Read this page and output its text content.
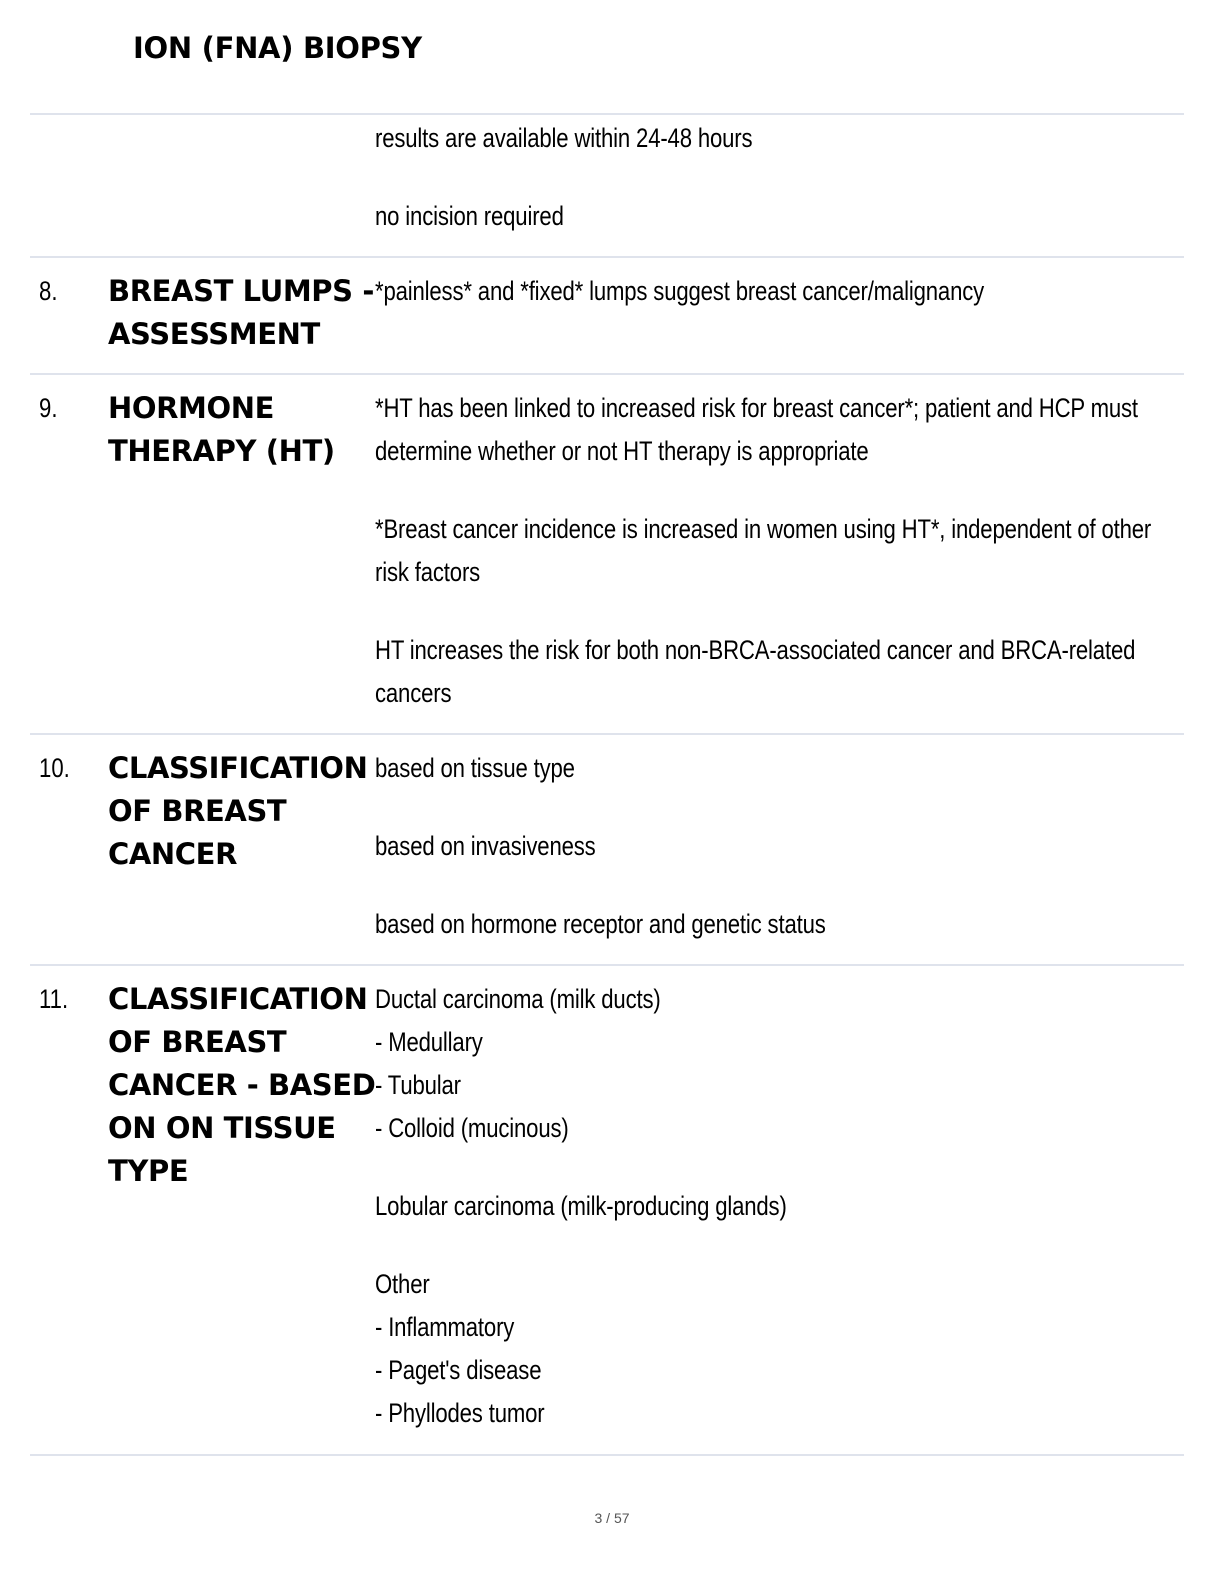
ION (FNA) BIOPSY

results are available within 24-48 hours

no incision required

8. BREAST LUMPS -
ASSESSMENT

*painless* and *fixed* lumps suggest breast cancer/malignancy

9. HORMONE
THERAPY (HT)

*HT has been linked to increased risk for breast cancer*; patient and HCP must
determine whether or not HT therapy is appropriate

*Breast cancer incidence is increased in women using HT*, independent of other
risk factors

HT increases the risk for both non-BRCA-associated cancer and BRCA-related
cancers

10. CLASSIFICATION
OF BREAST
CANCER

based on tissue type

based on invasiveness

based on hormone receptor and genetic status

11. CLASSIFICATION
OF BREAST
CANCER - BASED
ON ON TISSUE
TYPE

Ductal carcinoma (milk ducts)
- Medullary
- Tubular
- Colloid (mucinous)

Lobular carcinoma (milk-producing glands)

Other
- Inflammatory
- Paget's disease
- Phyllodes tumor

3 / 57
